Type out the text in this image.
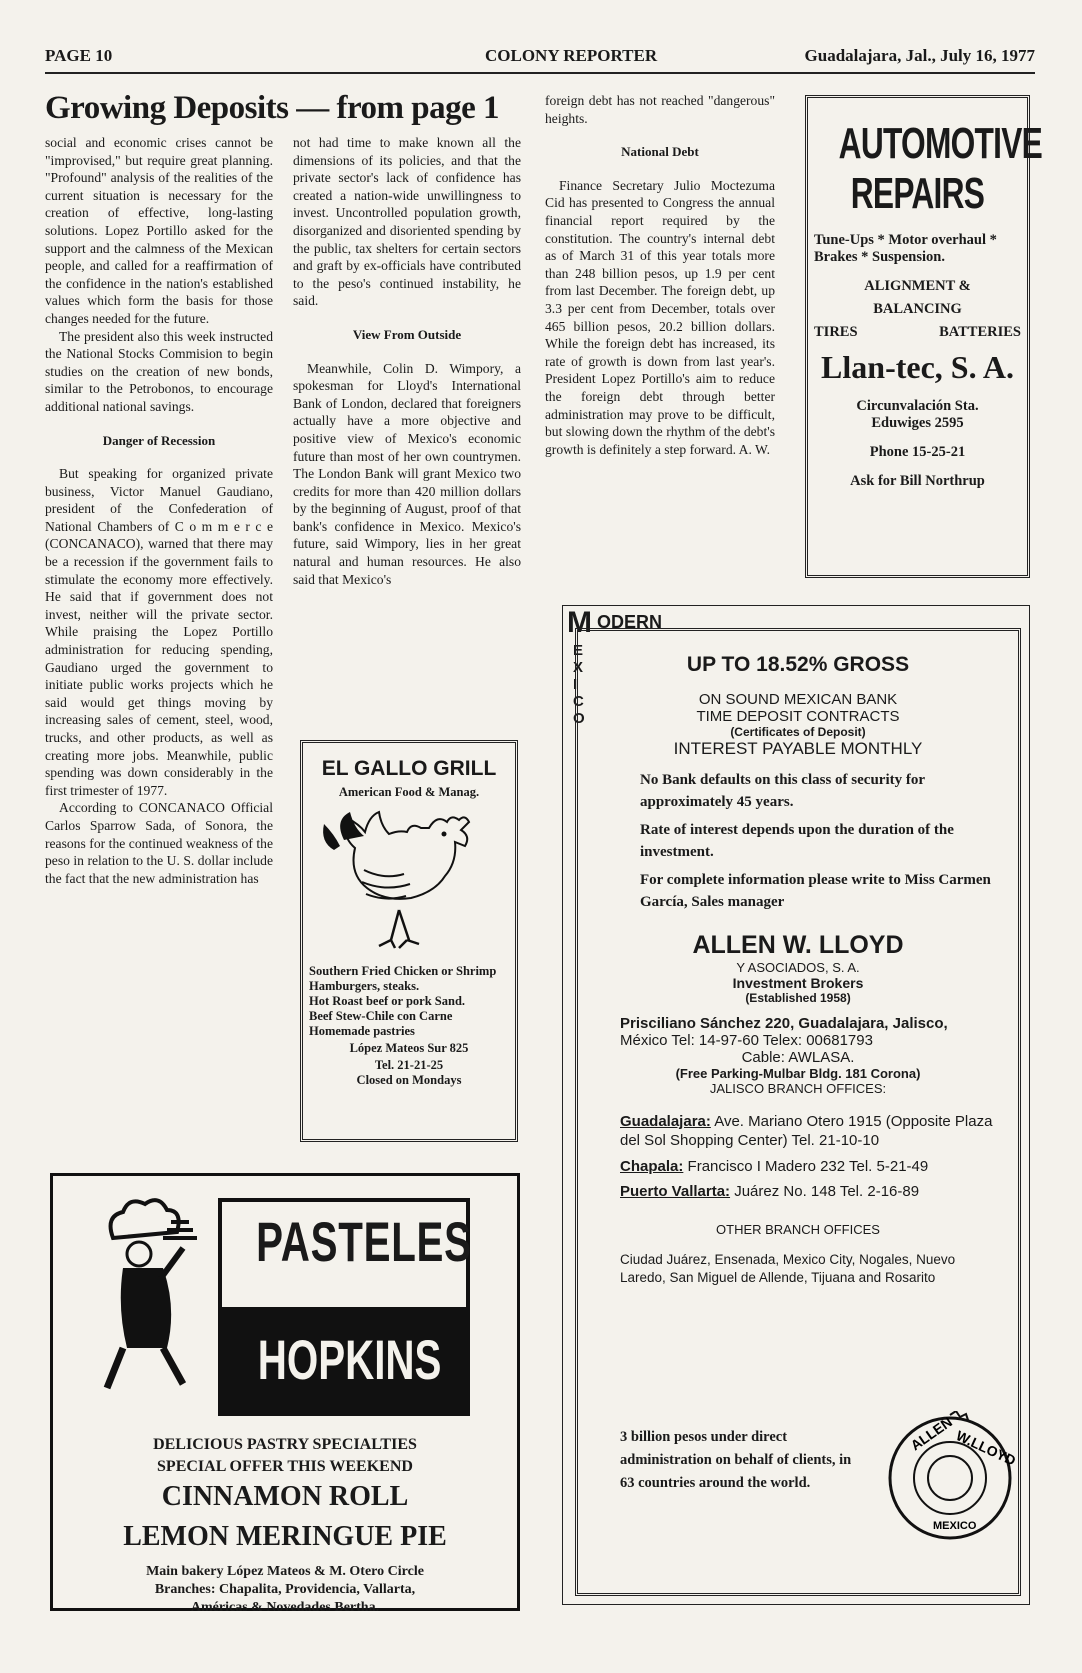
PAGE 10	COLONY REPORTER	Guadalajara, Jal., July 16, 1977
Growing Deposits — from page 1

social and economic crises cannot be "improvised," but require great planning. "Profound" analysis of the realities of the current situation is necessary for the creation of effective, long-lasting solutions. Lopez Portillo asked for the support and the calmness of the Mexican people, and called for a reaffirmation of the confidence in the nation's established values which form the basis for those changes needed for the future.

The president also this week instructed the National Stocks Commision to begin studies on the creation of new bonds, similar to the Petrobonos, to encourage additional national savings.

Danger of Recession

But speaking for organized private business, Victor Manuel Gaudiano, president of the Confederation of National Chambers of C o m m e r c e (CONCANACO), warned that there may be a recession if the government fails to stimulate the economy more effectively. He said that if government does not invest, neither will the private sector. While praising the Lopez Portillo administration for reducing spending, Gaudiano urged the government to initiate public works projects which he said would get things moving by increasing sales of cement, steel, wood, trucks, and other products, as well as creating more jobs. Meanwhile, public spending was down considerably in the first trimester of 1977.

According to CONCANACO Official Carlos Sparrow Sada, of Sonora, the reasons for the continued weakness of the peso in relation to the U. S. dollar include the fact that the new administration has

not had time to make known all the dimensions of its policies, and that the private sector's lack of confidence has created a nation-wide unwillingness to invest. Uncontrolled population growth, disorganized and disoriented spending by the public, tax shelters for certain sectors and graft by ex-officials have contributed to the peso's continued instability, he said.

View From Outside

Meanwhile, Colin D. Wimpory, a spokesman for Lloyd's International Bank of London, declared that foreigners actually have a more objective and positive view of Mexico's economic future than most of her own countrymen. The London Bank will grant Mexico two credits for more than 420 million dollars by the beginning of August, proof of that bank's confidence in Mexico. Mexico's future, said Wimpory, lies in her great natural and human resources. He also said that Mexico's

foreign debt has not reached "dangerous" heights.

National Debt

Finance Secretary Julio Moctezuma Cid has presented to Congress the annual financial report required by the constitution. The country's internal debt as of March 31 of this year totals more than 248 billion pesos, up 1.9 per cent from last December. The foreign debt, up 3.3 per cent from December, totals over 465 billion pesos, 20.2 billion dollars. While the foreign debt has increased, its rate of growth is down from last year's. President Lopez Portillo's aim to reduce the foreign debt through better administration may prove to be difficult, but slowing down the rhythm of the debt's growth is definitely a step forward. A. W.

AUTOMOTIVE
REPAIRS
Tune-Ups * Motor overhaul * Brakes * Suspension.
ALIGNMENT &
BALANCING
TIRES	BATTERIES
Llan-tec, S. A.
Circunvalación Sta.
Eduwiges 2595
Phone 15-25-21
Ask for Bill Northrup
EL GALLO GRILL
American Food & Manag.
Southern Fried Chicken or Shrimp
Hamburgers, steaks.
Hot Roast beef or pork Sand.
Beef Stew-Chile con Carne
Homemade pastries
López Mateos Sur 825
Tel. 21-21-25
Closed on Mondays
PASTELES
HOPKINS
DELICIOUS PASTRY SPECIALTIES
SPECIAL OFFER THIS WEEKEND
CINNAMON ROLL
LEMON MERINGUE PIE
Main bakery López Mateos & M. Otero Circle
Branches: Chapalita, Providencia, Vallarta,
Américas & Novedades Bertha.
M ODERN
EXICO
UP TO 18.52% GROSS
ON SOUND MEXICAN BANK
TIME DEPOSIT CONTRACTS
(Certificates of Deposit)
INTEREST PAYABLE MONTHLY
No Bank defaults on this class of security for approximately 45 years.
Rate of interest depends upon the duration of the investment.
For complete information please write to Miss Carmen García, Sales manager
ALLEN W. LLOYD
Y ASOCIADOS, S. A.
Investment Brokers
(Established 1958)
Prisciliano Sánchez 220, Guadalajara, Jalisco,
México Tel: 14-97-60 Telex: 00681793
Cable: AWLASA.
(Free Parking-Mulbar Bldg. 181 Corona)
JALISCO BRANCH OFFICES:
Guadalajara: Ave. Mariano Otero 1915 (Opposite Plaza del Sol Shopping Center) Tel. 21-10-10
Chapala: Francisco I Madero 232 Tel. 5-21-49
Puerto Vallarta: Juárez No. 148 Tel. 2-16-89
OTHER BRANCH OFFICES
Ciudad Juárez, Ensenada, Mexico City, Nogales, Nuevo Laredo, San Miguel de Allende, Tijuana and Rosarito
3 billion pesos under direct administration on behalf of clients, in 63 countries around the world.
ALLEN
W.LLOYD
MEXICO
